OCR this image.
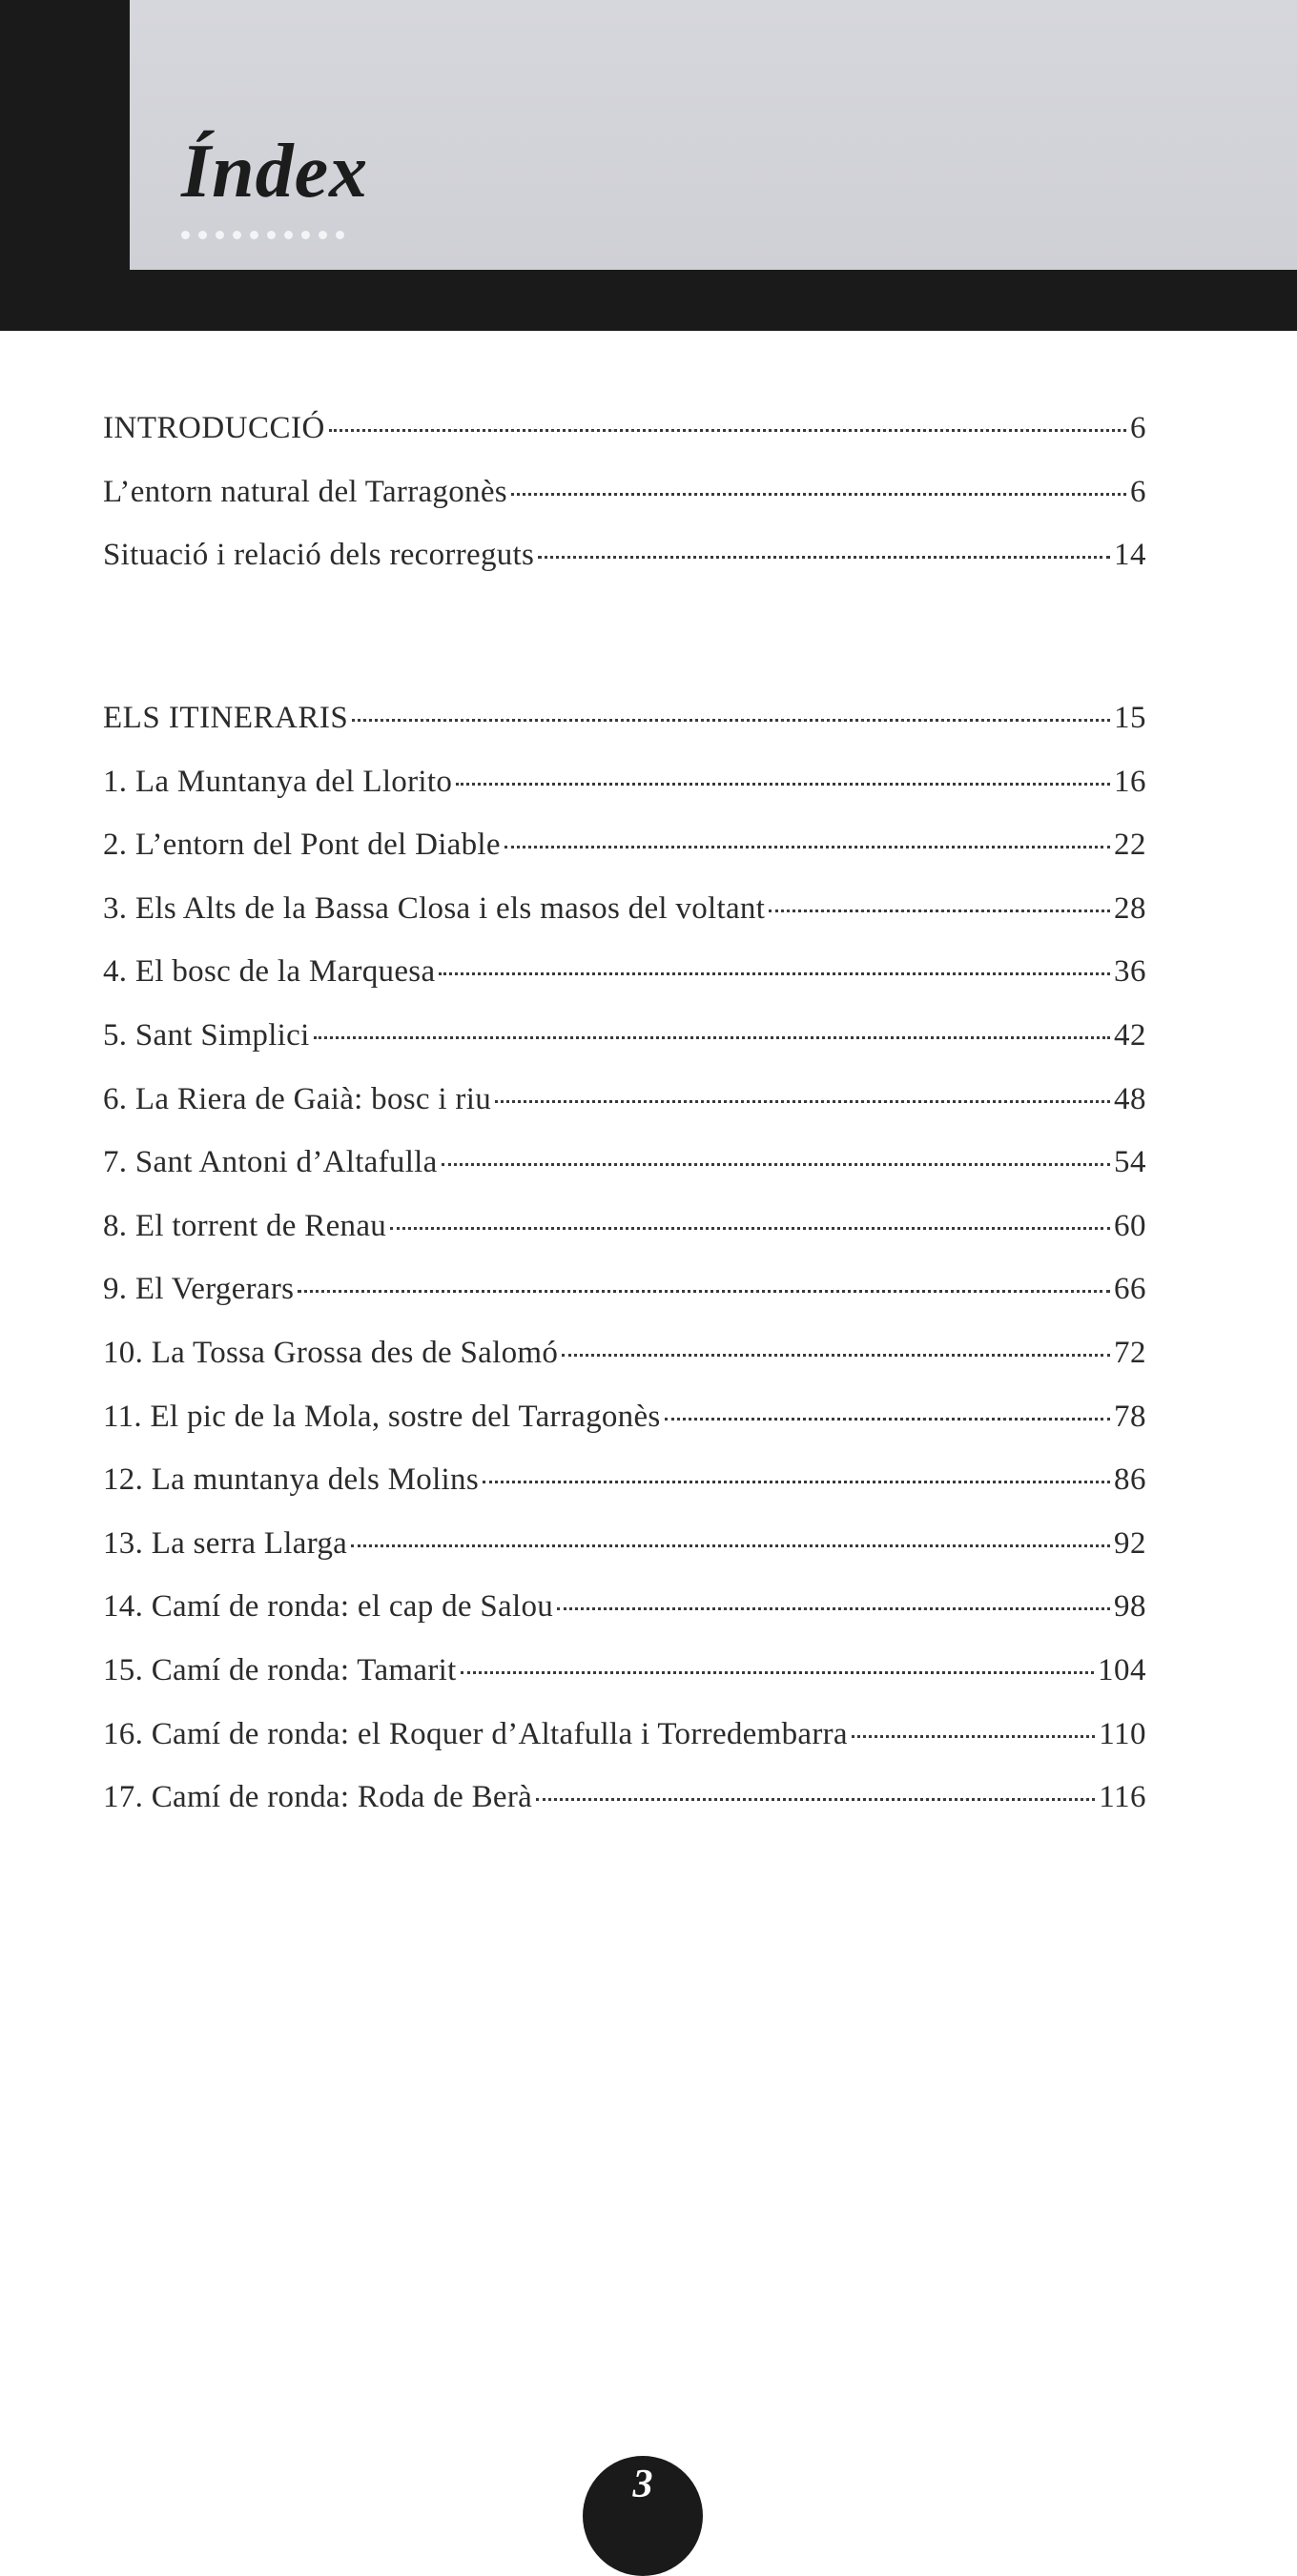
Índex
INTRODUCCIÓ	6
L’entorn natural del Tarragonès	6
Situació i relació dels recorreguts	14
ELS ITINERARIS	15
1. La Muntanya del Llorito	16
2. L’entorn del Pont del Diable	22
3. Els Alts de la Bassa Closa i els masos del voltant	28
4. El bosc de la Marquesa	36
5. Sant Simplici	42
6. La Riera de Gaià: bosc i riu	48
7. Sant Antoni d’Altafulla	54
8. El torrent de Renau	60
9. El Vergerars	66
10. La Tossa Grossa des de Salomó	72
11. El pic de la Mola, sostre del Tarragonès	78
12. La muntanya dels Molins	86
13. La serra Llarga	92
14. Camí de ronda: el cap de Salou	98
15. Camí de ronda: Tamarit	104
16. Camí de ronda: el Roquer d’Altafulla i Torredembarra	110
17. Camí de ronda: Roda de Berà	116
3
